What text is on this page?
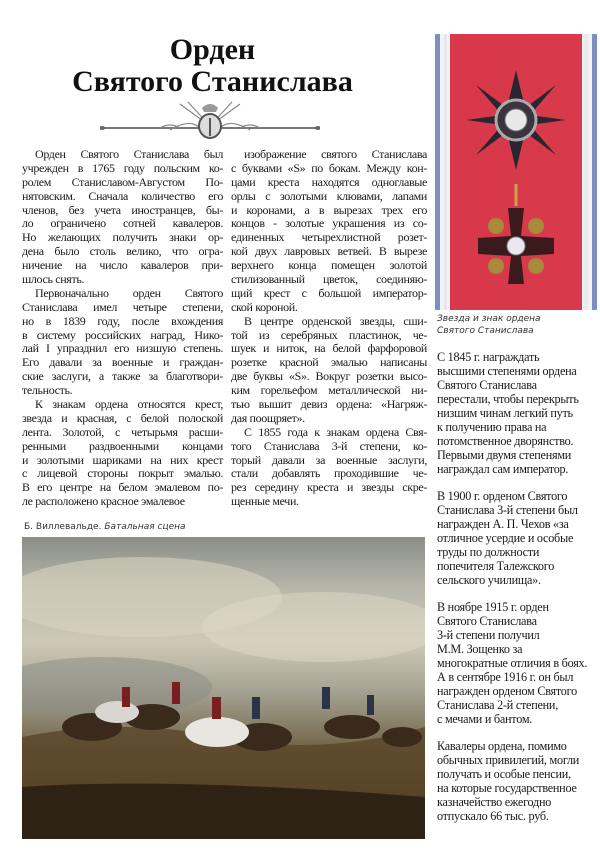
Орден
Святого Станислава
Орден Святого Станислава был
учрежден в 1765 году польским ко-
ролем Станиславом-Августом По-
нятовским. Сначала количество его
членов, без учета иностранцев, бы-
ло ограничено сотней кавалеров.
Но желающих получить знаки ор-
дена было столь велико, что огра-
ничение на число кавалеров при-
шлось снять.
Первоначально орден Святого
Станислава имел четыре степени,
но в 1839 году, после вхождения
в систему российских наград, Нико-
лай I упразднил его низшую степень.
Его давали за военные и граждан-
ские заслуги, а также за благотвори-
тельность.
К знакам ордена относятся крест,
звезда и красная, с белой полоской
лента. Золотой, с четырьмя расши-
ренными раздвоенными концами
и золотыми шариками на них крест
с лицевой стороны покрыт эмалью.
В его центре на белом эмалевом по-
ле расположено красное эмалевое
изображение святого Станислава
с буквами «S» по бокам. Между кон-
цами креста находятся одноглавые
орлы с золотыми клювами, лапами
и коронами, а в вырезах трех его
концов - золотые украшения из со-
единенных четырехлистной розет-
кой двух лавровых ветвей. В вырезе
верхнего конца помещен золотой
стилизованный цветок, соединяю-
щий крест с большой император-
ской короной.
В центре орденской звезды, сши-
той из серебряных пластинок, че-
шуек и ниток, на белой фарфоровой
розетке красной эмалью написаны
две буквы «S». Вокруг розетки высо-
ким горельефом металлической ни-
тью вышит девиз ордена: «Нагряж-
дая поощряет».
С 1855 года к знакам ордена Свя-
того Станислава 3-й степени, ко-
торый давали за военные заслуги,
стали добавлять проходившие че-
рез середину креста и звезды скре-
щенные мечи.
Звезда и знак ордена
Святого Станислава
С 1845 г. награждать
высшими степенями ордена
Святого Станислава
перестали, чтобы перекрыть
низшим чинам легкий путь
к получению права на
потомственное дворянство.
Первыми двумя степенями
награждал сам император.
В 1900 г. орденом Святого
Станислава 3-й степени был
награжден А. П. Чехов «за
отличное усердие и особые
труды по должности
попечителя Талежского
сельского училища».
В ноябре 1915 г. орден
Святого Станислава
3-й степени получил
М.М. Зощенко за
многократные отличия в боях.
А в сентябре 1916 г. он был
награжден орденом Святого
Станислава 2-й степени,
с мечами и бантом.
Кавалеры ордена, помимо
обычных привилегий, могли
получать и особые пенсии,
на которые государственное
казначейство ежегодно
отпускало 66 тыс. руб.
Б. Виллевальде. Батальная сцена
